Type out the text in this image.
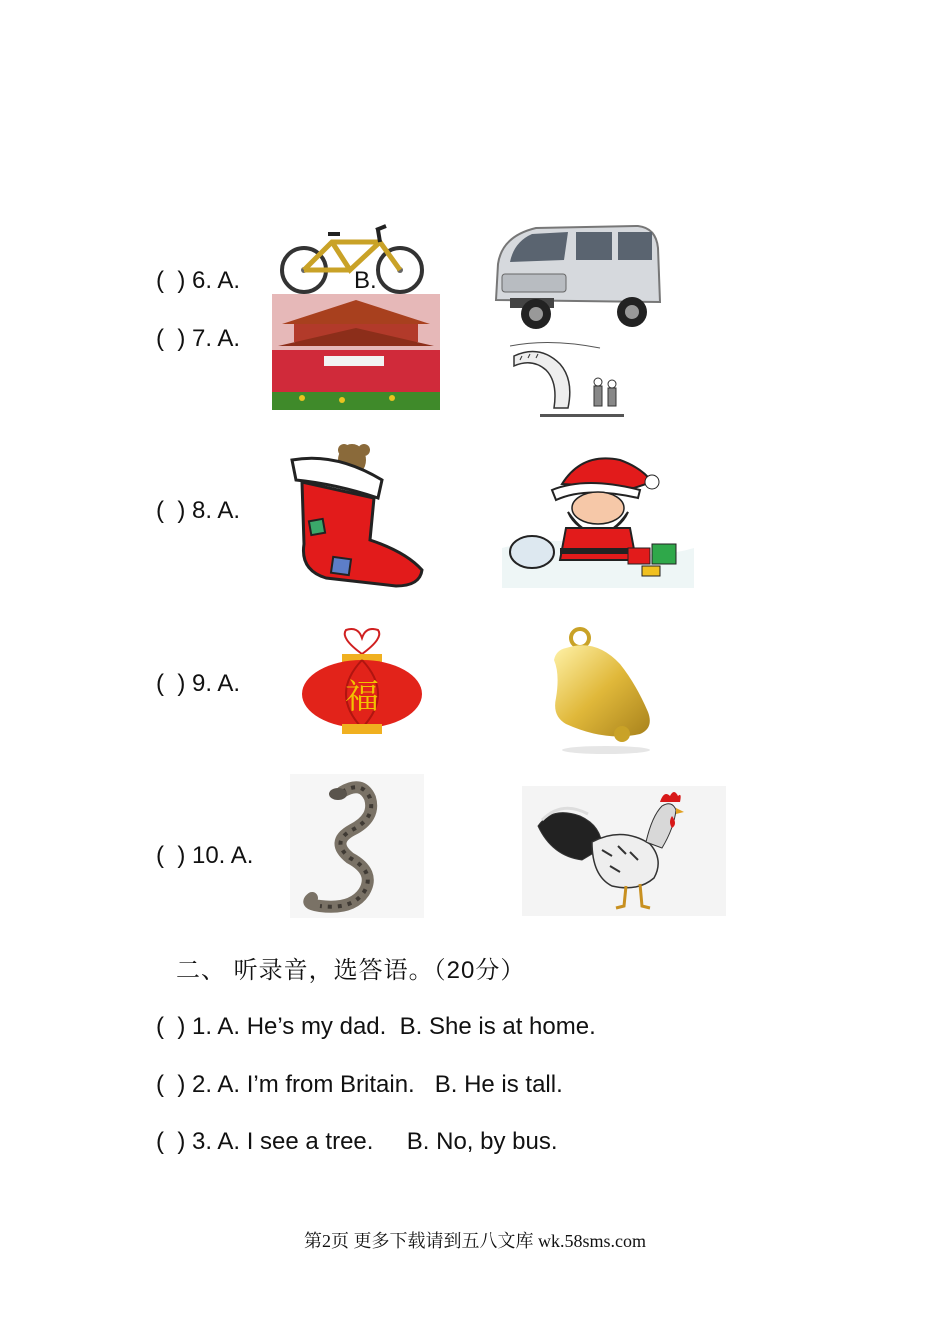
(  ) 6. A.
(  ) 7. A.
(  ) 8. A.
(  ) 9. A.
(  ) 10. A.
B.
福
二、 听录音，选答语。（20分）
(  ) 1. A. He’s my dad.  B. She is at home.
(  ) 2. A. I’m from Britain.   B. He is tall.
(  ) 3. A. I see a tree.     B. No, by bus.
第2页 更多下载请到五八文库 wk.58sms.com
